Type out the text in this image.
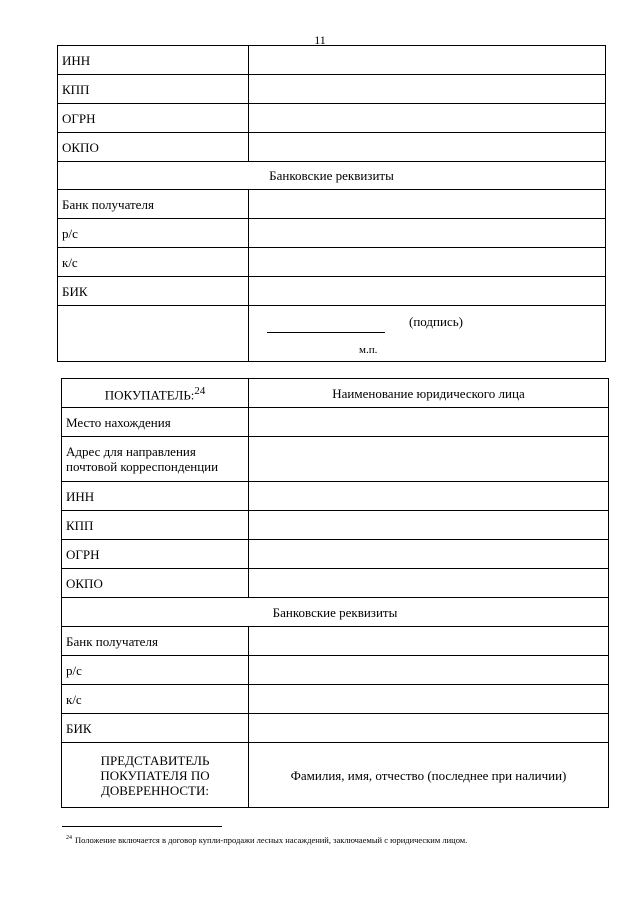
11
ИНН	
КПП	
ОГРН	
ОКПО	
Банковские реквизиты	
Банк получателя	
р/с	
к/с	
БИК	

	(подпись)
м.п.
ПОКУПАТЕЛЬ:$^{24}$	Наименование юридического лица
Место нахождения	
Адрес для направления почтовой корреспонденции	
ИНН	
КПП	
ОГРН	
ОКПО	
Банковские реквизиты	
Банк получателя	
р/с	
к/с	
БИК	
ПРЕДСТАВИТЕЛЬ ПОКУПАТЕЛЯ ПО ДОВЕРЕННОСТИ:	Фамилия, имя, отчество (последнее при наличии)
$^{24}$ Положение включается в договор купли-продажи лесных насаждений, заключаемый с юридическим лицом.
